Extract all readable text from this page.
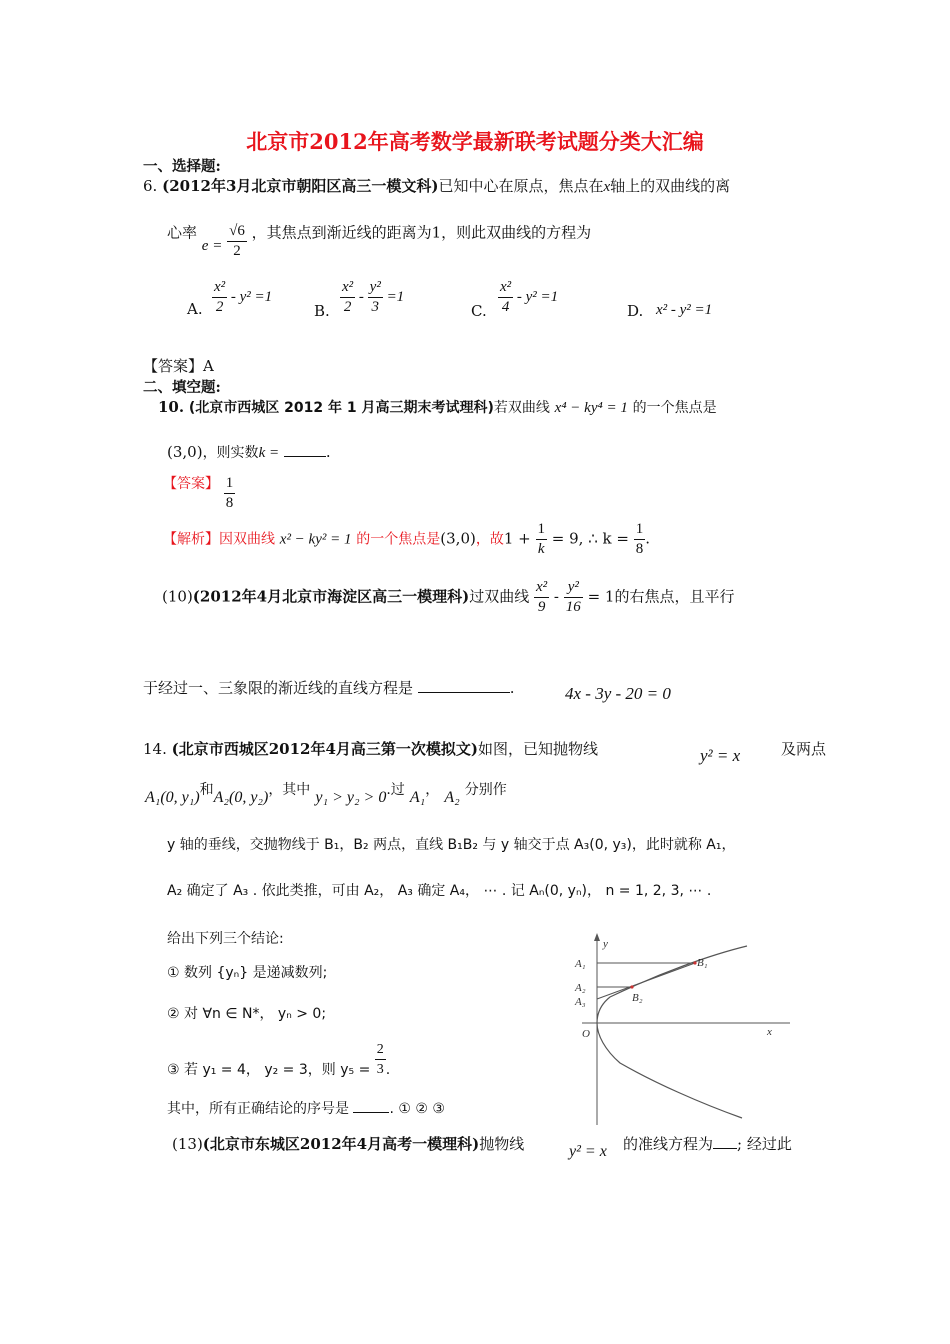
北京市2012年高考数学最新联考试题分类大汇编
一、选择题:
6. (2012年3月北京市朝阳区高三一模文科)已知中心在原点，焦点在x轴上的双曲线的离
心率 $e = \frac{√6}{2}$ ，其焦点到渐近线的距离为1，则此双曲线的方程为
A. $\frac{\text{x²}}{2} - y^2 =1$
B. $\frac{\text{x²}}{2} - \frac{\text{y²}}{3} =1$
C. $\frac{\text{x²}}{4} - y^2 =1$
D. x² - y² =1
【答案】A
二、填空题:
10. (北京市西城区 2012 年 1 月高三期末考试理科)若双曲线 x⁴ − ky⁴ = 1 的一个焦点是
(3,0)，则实数k =	.
【答案】 $\frac{1}{8}$
【解析】因双曲线 x² − ky² = 1 的一个焦点是(3,0)，故$1 + \frac{1}{k} = 9$, ∴ $k = \frac{1}{8}$ .
(10)(2012年4月北京市海淀区高三一模理科)过双曲线 $\frac{\text{x²}}{9} - \frac{\text{y²}}{16} = 1$的右焦点，且平行
于经过一、三象限的渐近线的直线方程是	.	4x - 3y - 20 = 0
14. (北京市西城区2012年4月高三第一次模拟文)如图，已知抛物线	y² = x	及两点
A₁(0, y₁)和A₂(0, y₂)，其中 y₁ > y₂ > 0.过 A₁， A₂ 分别作
y 轴的垂线，交抛物线于 B₁，B₂ 两点，直线 B₁B₂ 与 y 轴交于点 A₃(0, y₃)，此时就称 A₁，
A₂ 确定了 A₃ . 依此类推，可由 A₂， A₃ 确定 A₄， ⋯ . 记 Aₙ(0, yₙ)， n = 1, 2, 3, ⋯ .
给出下列三个结论:
① 数列 {yₙ} 是递减数列;
② 对 ∀n ∈ N*， yₙ > 0;
③ 若 y₁ = 4， y₂ = 3，则 $y_5 = \frac{2}{3}$ .
其中，所有正确结论的序号是	. ① ② ③
y
x
O
A₁
A₂
A₃
B₁
B₂
(13)(北京市东城区2012年4月高考一模理科)抛物线	y² = x 的准线方程为 ; 经过此
